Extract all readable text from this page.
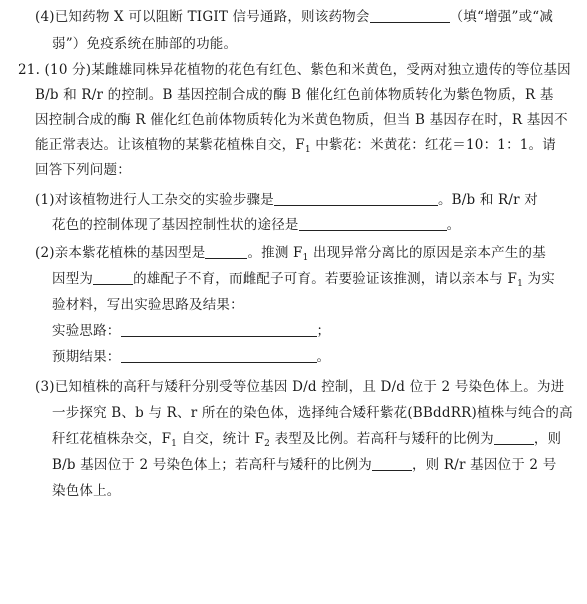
(4)已知药物 X 可以阻断 TIGIT 信号通路，则该药物会	（填“增强”或“减
弱”）免疫系统在肺部的功能。
21. (10 分)某雌雄同株异花植物的花色有红色、紫色和米黄色，受两对独立遗传的等位基因
B/b 和 R/r 的控制。B 基因控制合成的酶 B 催化红色前体物质转化为紫色物质，R 基
因控制合成的酶 R 催化红色前体物质转化为米黄色物质，但当 B 基因存在时，R 基因不
能正常表达。让该植物的某紫花植株自交，$F_1$ 中紫花：米黄花：红花＝10：1：1。请
回答下列问题：
(1)对该植物进行人工杂交的实验步骤是	。B/b 和 R/r 对
花色的控制体现了基因控制性状的途径是	。
(2)亲本紫花植株的基因型是	。推测 $F_1$ 出现异常分离比的原因是亲本产生的基
因型为	的雄配子不育，而雌配子可育。若要验证该推测，请以亲本与 $F_1$ 为实
验材料，写出实验思路及结果：
实验思路：	；
预期结果：	。
(3)已知植株的高秆与矮秆分别受等位基因 D/d 控制，且 D/d 位于 2 号染色体上。为进
一步探究 B、b 与 R、r 所在的染色体，选择纯合矮秆紫花(BBddRR)植株与纯合的高
秆红花植株杂交，$F_1$ 自交，统计 $F_2$ 表型及比例。若高秆与矮秆的比例为	，则
B/b 基因位于 2 号染色体上；若高秆与矮秆的比例为	，则 R/r 基因位于 2 号
染色体上。
